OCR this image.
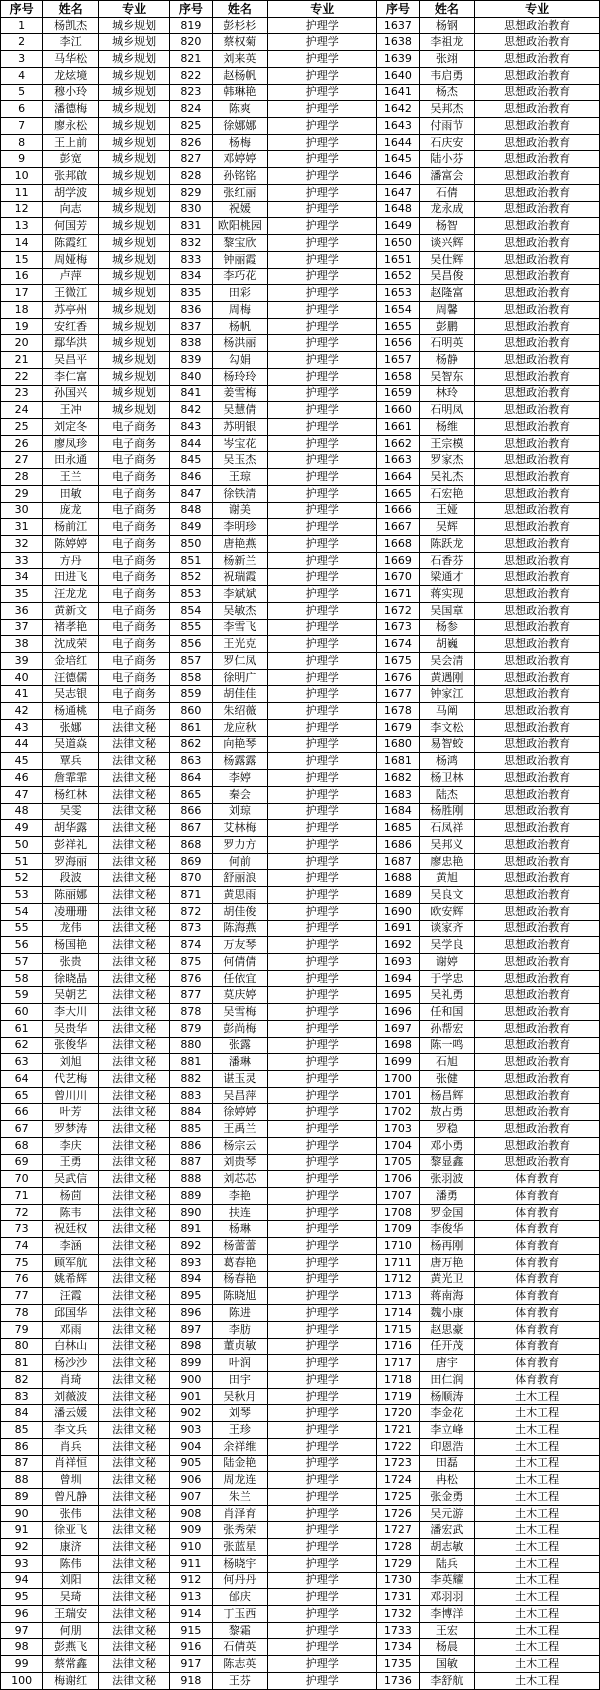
序号	姓名	专业	序号	姓名	专业	序号	姓名	专业
1	杨凯杰	城乡规划	819	彭杉杉	护理学	1637	杨钢	思想政治教育
2	李江	城乡规划	820	蔡权菊	护理学	1638	李祖龙	思想政治教育
3	马华松	城乡规划	821	刘来英	护理学	1639	张翊	思想政治教育
4	龙炫境	城乡规划	822	赵杨帆	护理学	1640	韦启勇	思想政治教育
5	穆小玲	城乡规划	823	韩琳艳	护理学	1641	杨杰	思想政治教育
6	潘德梅	城乡规划	824	陈爽	护理学	1642	吴邦杰	思想政治教育
7	廖永松	城乡规划	825	徐娜娜	护理学	1643	付雨节	思想政治教育
8	王上前	城乡规划	826	杨梅	护理学	1644	石庆安	思想政治教育
9	彭宽	城乡规划	827	邓婷婷	护理学	1645	陆小芬	思想政治教育
10	张邦啟	城乡规划	828	孙铭铭	护理学	1646	潘富会	思想政治教育
11	胡学波	城乡规划	829	张红丽	护理学	1647	石倩	思想政治教育
12	向志	城乡规划	830	祝媛	护理学	1648	龙永成	思想政治教育
13	何国芳	城乡规划	831	欧阳桃园	护理学	1649	杨智	思想政治教育
14	陈霞红	城乡规划	832	黎宝欣	护理学	1650	谈兴辉	思想政治教育
15	周娅梅	城乡规划	833	钟丽霞	护理学	1651	吴仕辉	思想政治教育
16	卢萍	城乡规划	834	李巧花	护理学	1652	吴昌俊	思想政治教育
17	王微江	城乡规划	835	田彩	护理学	1653	赵隆富	思想政治教育
18	苏亭州	城乡规划	836	周梅	护理学	1654	周馨	思想政治教育
19	安红香	城乡规划	837	杨帆	护理学	1655	彭鹏	思想政治教育
20	鄢华洪	城乡规划	838	杨洪丽	护理学	1656	石明英	思想政治教育
21	吴昌平	城乡规划	839	勾娟	护理学	1657	杨静	思想政治教育
22	李仁富	城乡规划	840	杨玲玲	护理学	1658	吴智东	思想政治教育
23	孙国兴	城乡规划	841	姜雪梅	护理学	1659	林玲	思想政治教育
24	王冲	城乡规划	842	吴慧倩	护理学	1660	石明凤	思想政治教育
25	刘定冬	电子商务	843	苏明银	护理学	1661	杨维	思想政治教育
26	廖凤珍	电子商务	844	岑宝花	护理学	1662	王宗模	思想政治教育
27	田永通	电子商务	845	吴玉杰	护理学	1663	罗家杰	思想政治教育
28	王兰	电子商务	846	王琼	护理学	1664	吴礼杰	思想政治教育
29	田敏	电子商务	847	徐铁清	护理学	1665	石宏艳	思想政治教育
30	庞龙	电子商务	848	谢美	护理学	1666	王娅	思想政治教育
31	杨前江	电子商务	849	李明珍	护理学	1667	吴辉	思想政治教育
32	陈婷婷	电子商务	850	唐艳燕	护理学	1668	陈跃龙	思想政治教育
33	方丹	电子商务	851	杨新兰	护理学	1669	石香芬	思想政治教育
34	田进飞	电子商务	852	祝瑞霞	护理学	1670	梁通才	思想政治教育
35	汪龙龙	电子商务	853	李斌斌	护理学	1671	蒋实现	思想政治教育
36	黄新文	电子商务	854	吴敏杰	护理学	1672	吴国章	思想政治教育
37	褚孝艳	电子商务	855	李雪飞	护理学	1673	杨参	思想政治教育
38	沈成荣	电子商务	856	王光克	护理学	1674	胡巍	思想政治教育
39	金培红	电子商务	857	罗仁凤	护理学	1675	吴会清	思想政治教育
40	汪德儒	电子商务	858	徐明广	护理学	1676	黄遇刚	思想政治教育
41	吴志银	电子商务	859	胡佳佳	护理学	1677	钟家江	思想政治教育
42	杨通桃	电子商务	860	朱绍薇	护理学	1678	马阐	思想政治教育
43	张娜	法律文秘	861	龙应秋	护理学	1679	李文松	思想政治教育
44	吴道焱	法律文秘	862	向艳琴	护理学	1680	易智蛟	思想政治教育
45	覃兵	法律文秘	863	杨露露	护理学	1681	杨鸿	思想政治教育
46	詹霏霏	法律文秘	864	李婷	护理学	1682	杨卫林	思想政治教育
47	杨红林	法律文秘	865	秦会	护理学	1683	陆杰	思想政治教育
48	吴雯	法律文秘	866	刘琼	护理学	1684	杨胜刚	思想政治教育
49	胡华露	法律文秘	867	艾林梅	护理学	1685	石凤祥	思想政治教育
50	彭祥礼	法律文秘	868	罗力方	护理学	1686	吴邦义	思想政治教育
51	罗海丽	法律文秘	869	何前	护理学	1687	廖忠艳	思想政治教育
52	段波	法律文秘	870	舒丽浪	护理学	1688	黄旭	思想政治教育
53	陈丽娜	法律文秘	871	黄思雨	护理学	1689	吴良文	思想政治教育
54	凌珊珊	法律文秘	872	胡佳俊	护理学	1690	欧安辉	思想政治教育
55	龙伟	法律文秘	873	陈海燕	护理学	1691	谈家齐	思想政治教育
56	杨国艳	法律文秘	874	万友琴	护理学	1692	吴学良	思想政治教育
57	张贵	法律文秘	875	何倩倩	护理学	1693	谢婷	思想政治教育
58	徐晓晶	法律文秘	876	任依宜	护理学	1694	于学忠	思想政治教育
59	吴朝艺	法律文秘	877	莫庆婷	护理学	1695	吴礼勇	思想政治教育
60	李大川	法律文秘	878	吴雪梅	护理学	1696	任和国	思想政治教育
61	吴贵华	法律文秘	879	彭尚梅	护理学	1697	孙帮宏	思想政治教育
62	张俊华	法律文秘	880	张露	护理学	1698	陈一鸣	思想政治教育
63	刘旭	法律文秘	881	潘琳	护理学	1699	石旭	思想政治教育
64	代艺梅	法律文秘	882	谌玉灵	护理学	1700	张健	思想政治教育
65	曾川川	法律文秘	883	吴昌萍	护理学	1701	杨昌辉	思想政治教育
66	叶芳	法律文秘	884	徐婷婷	护理学	1702	敖占勇	思想政治教育
67	罗梦涛	法律文秘	885	王禹兰	护理学	1703	罗稳	思想政治教育
68	李庆	法律文秘	886	杨宗云	护理学	1704	邓小勇	思想政治教育
69	王勇	法律文秘	887	刘贵琴	护理学	1705	黎显鑫	思想政治教育
70	吴武信	法律文秘	888	刘芯芯	护理学	1706	张羽波	体育教育
71	杨茴	法律文秘	889	李艳	护理学	1707	潘勇	体育教育
72	陈韦	法律文秘	890	扶连	护理学	1708	罗金国	体育教育
73	祝廷权	法律文秘	891	杨琳	护理学	1709	李俊华	体育教育
74	李涵	法律文秘	892	杨蕾蕾	护理学	1710	杨再刚	体育教育
75	顾军航	法律文秘	893	葛春艳	护理学	1711	唐万艳	体育教育
76	姚希辉	法律文秘	894	杨春艳	护理学	1712	黄光卫	体育教育
77	汪霞	法律文秘	895	陈晓旭	护理学	1713	蒋南海	体育教育
78	邱国华	法律文秘	896	陈进	护理学	1714	魏小康	体育教育
79	邓雨	法律文秘	897	李肪	护理学	1715	赵思豪	体育教育
80	白林山	法律文秘	898	董贞敏	护理学	1716	任开茂	体育教育
81	杨沙沙	法律文秘	899	叶润	护理学	1717	唐宇	体育教育
82	肖琦	法律文秘	900	田宇	护理学	1718	田仁润	体育教育
83	刘薇波	法律文秘	901	吴秋月	护理学	1719	杨顺涛	土木工程
84	潘云媛	法律文秘	902	刘琴	护理学	1720	李金花	土木工程
85	李文兵	法律文秘	903	王珍	护理学	1721	李立峰	土木工程
86	肖兵	法律文秘	904	余祥维	护理学	1722	印恩浩	土木工程
87	肖祥恒	法律文秘	905	陆金艳	护理学	1723	田磊	土木工程
88	曾圳	法律文秘	906	周龙连	护理学	1724	冉松	土木工程
89	曾凡静	法律文秘	907	朱兰	护理学	1725	张金勇	土木工程
90	张伟	法律文秘	908	肖泽育	护理学	1726	吴元游	土木工程
91	徐亚飞	法律文秘	909	张秀荣	护理学	1727	潘宏武	土木工程
92	康济	法律文秘	910	张蓝星	护理学	1728	胡志敏	土木工程
93	陈伟	法律文秘	911	杨晓宇	护理学	1729	陆兵	土木工程
94	刘阳	法律文秘	912	何丹丹	护理学	1730	李英耀	土木工程
95	吴琦	法律文秘	913	邰庆	护理学	1731	邓羽羽	土木工程
96	王瑞安	法律文秘	914	丁玉西	护理学	1732	李博洋	土木工程
97	何朋	法律文秘	915	黎霜	护理学	1733	王宏	土木工程
98	彭燕飞	法律文秘	916	石倩英	护理学	1734	杨晨	土木工程
99	蔡常鑫	法律文秘	917	陈志英	护理学	1735	国敏	土木工程
100	梅谢红	法律文秘	918	王芬	护理学	1736	李舒航	土木工程
